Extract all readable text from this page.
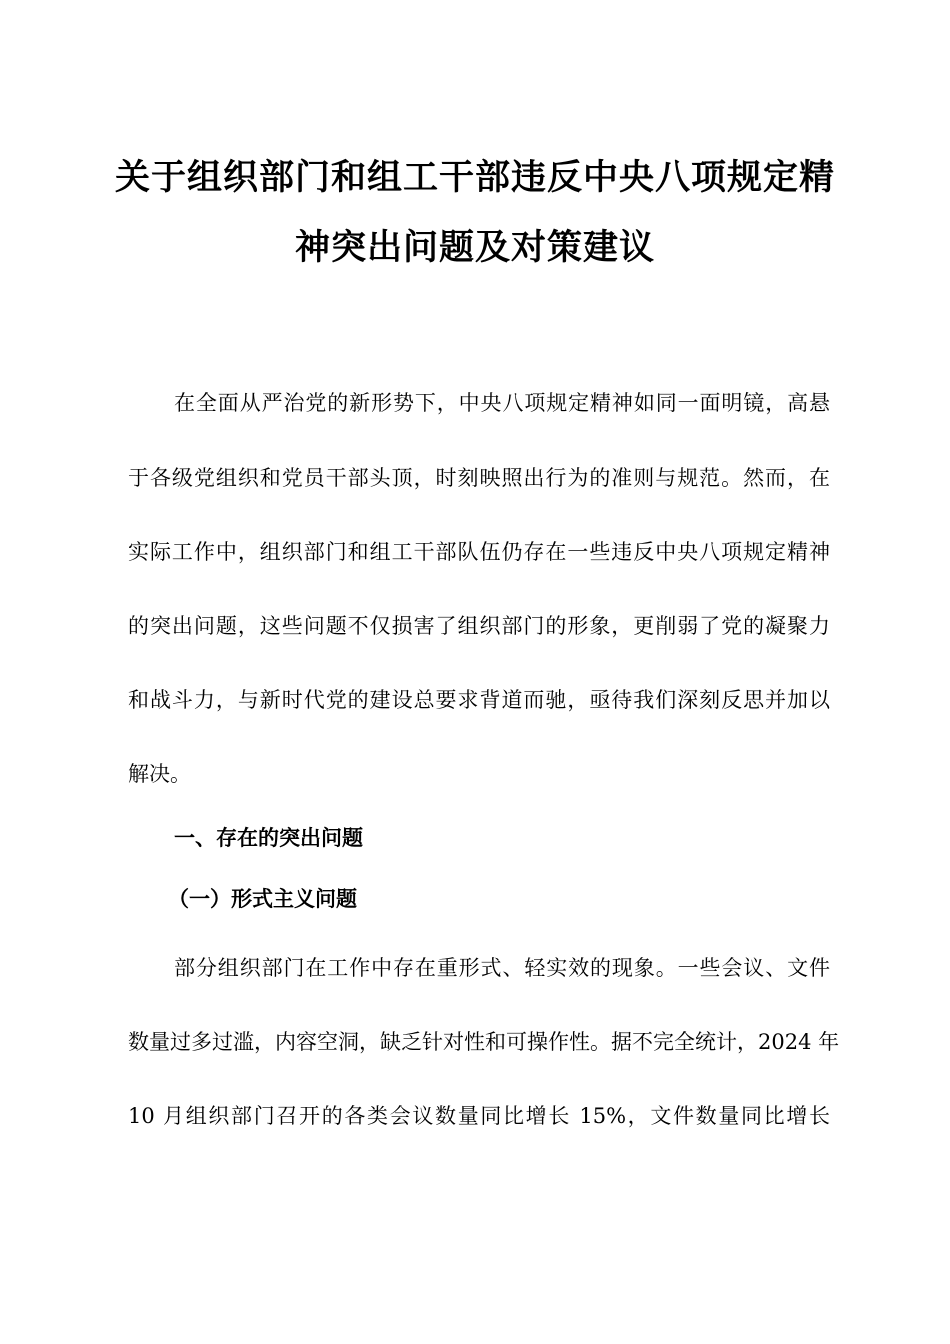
关于组织部门和组工干部违反中央八项规定精
神突出问题及对策建议
在全面从严治党的新形势下，中央八项规定精神如同一面明镜，高悬
于各级党组织和党员干部头顶，时刻映照出行为的准则与规范。然而，在
实际工作中，组织部门和组工干部队伍仍存在一些违反中央八项规定精神
的突出问题，这些问题不仅损害了组织部门的形象，更削弱了党的凝聚力
和战斗力，与新时代党的建设总要求背道而驰，亟待我们深刻反思并加以
解决。
一、存在的突出问题
（一）形式主义问题
部分组织部门在工作中存在重形式、轻实效的现象。一些会议、文件
数量过多过滥，内容空洞，缺乏针对性和可操作性。据不完全统计，2024 年
10 月组织部门召开的各类会议数量同比增长 15%，文件数量同比增长
